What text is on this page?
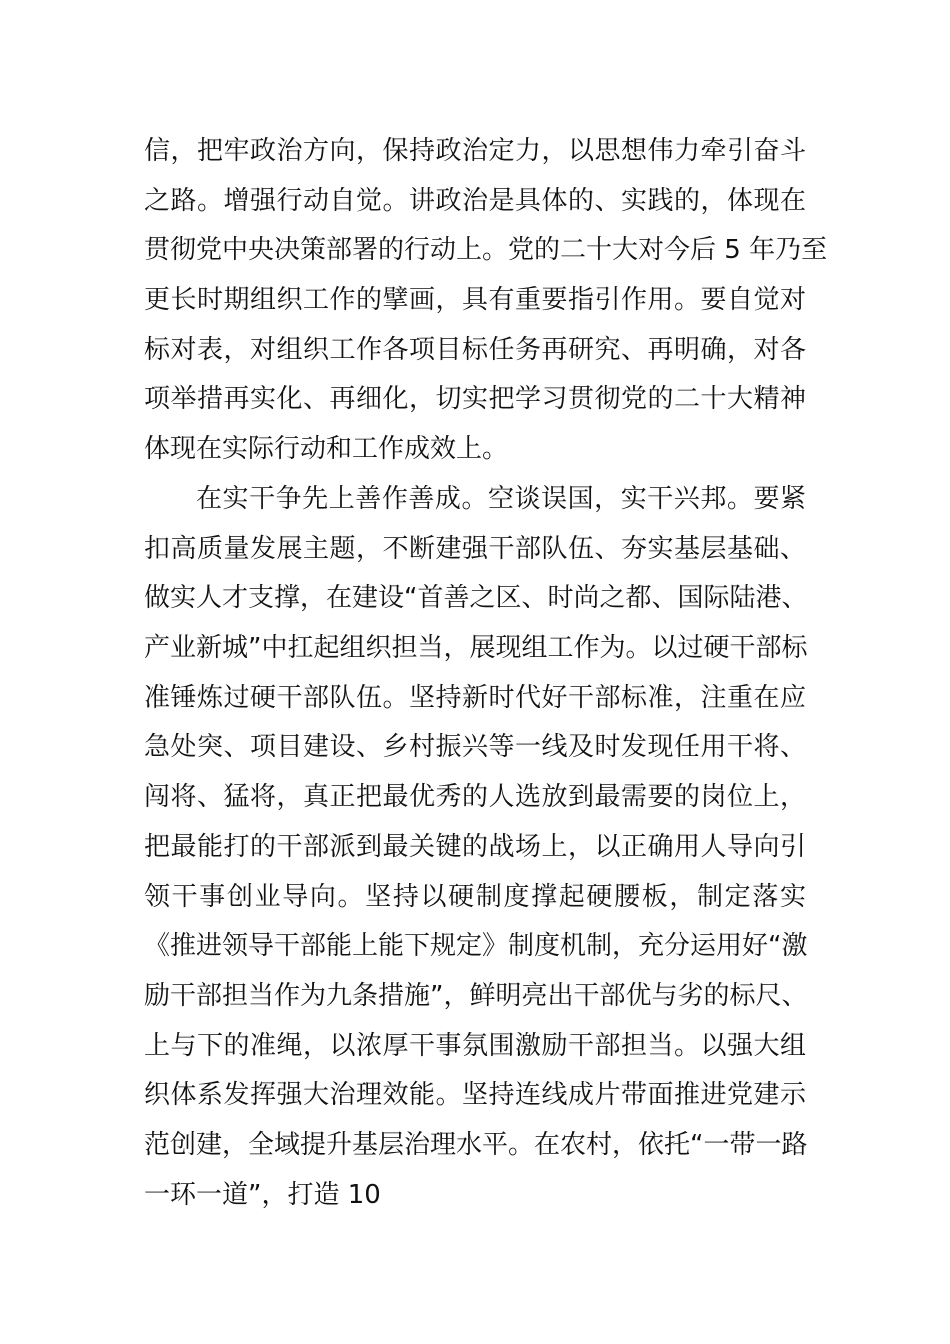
信，把牢政治方向，保持政治定力，以思想伟力牵引奋斗
之路。增强行动自觉。讲政治是具体的、实践的，体现在
贯彻党中央决策部署的行动上。党的二十大对今后 5 年乃至
更长时期组织工作的擘画，具有重要指引作用。要自觉对
标对表，对组织工作各项目标任务再研究、再明确，对各
项举措再实化、再细化，切实把学习贯彻党的二十大精神
体现在实际行动和工作成效上。
在实干争先上善作善成。空谈误国，实干兴邦。要紧
扣高质量发展主题，不断建强干部队伍、夯实基层基础、
做实人才支撑，在建设“首善之区、时尚之都、国际陆港、
产业新城”中扛起组织担当，展现组工作为。以过硬干部标
准锤炼过硬干部队伍。坚持新时代好干部标准，注重在应
急处突、项目建设、乡村振兴等一线及时发现任用干将、
闯将、猛将，真正把最优秀的人选放到最需要的岗位上，
把最能打的干部派到最关键的战场上，以正确用人导向引
领干事创业导向。坚持以硬制度撑起硬腰板，制定落实
《推进领导干部能上能下规定》制度机制，充分运用好“激
励干部担当作为九条措施”，鲜明亮出干部优与劣的标尺、
上与下的准绳，以浓厚干事氛围激励干部担当。以强大组
织体系发挥强大治理效能。坚持连线成片带面推进党建示
范创建，全域提升基层治理水平。在农村，依托“一带一路
一环一道”，打造 10
